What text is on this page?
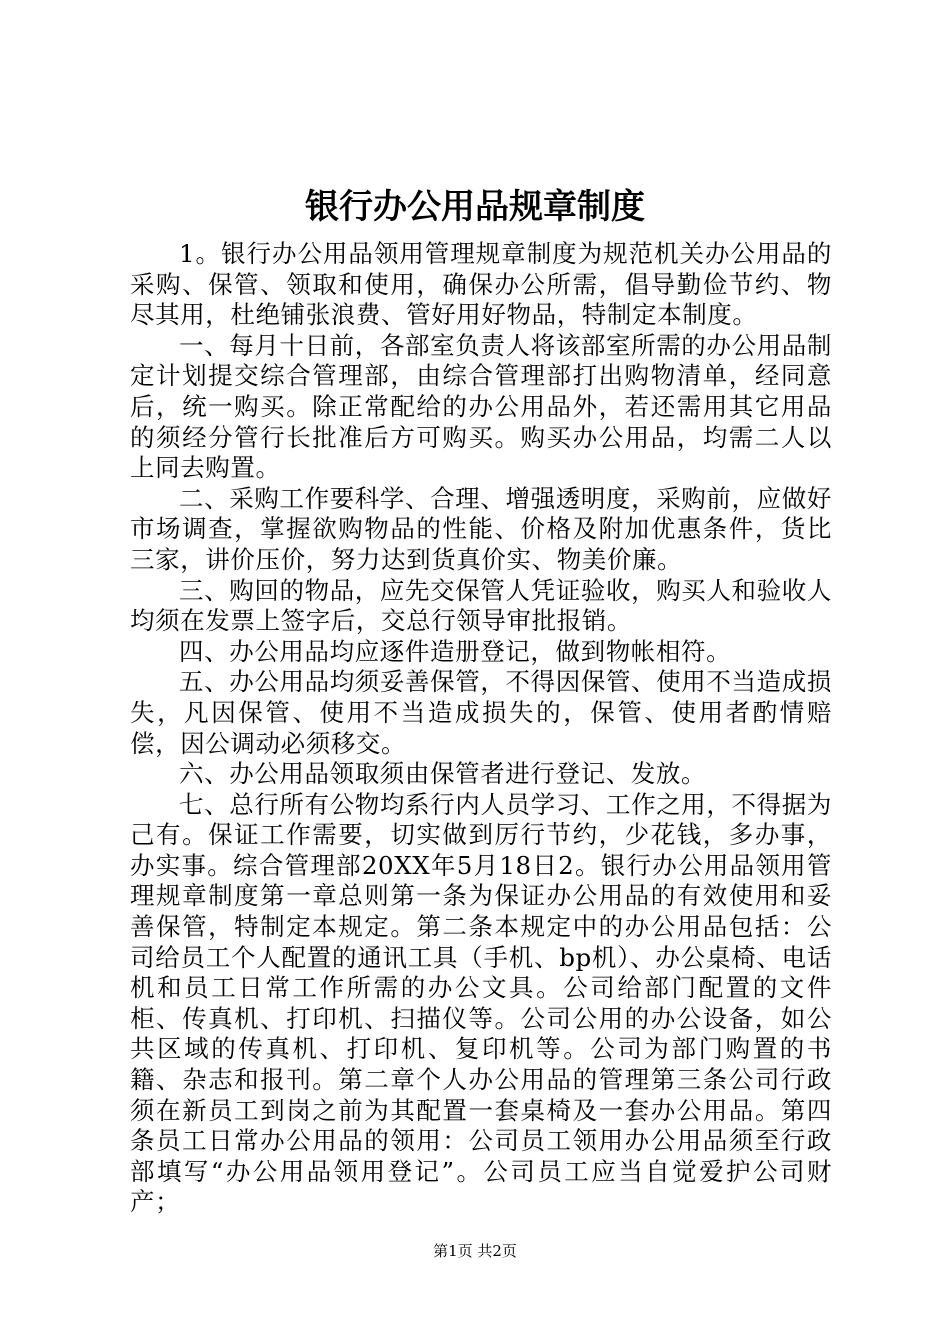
银行办公用品规章制度

1。银行办公用品领用管理规章制度为规范机关办公用品的采购、保管、领取和使用，确保办公所需，倡导勤俭节约、物尽其用，杜绝铺张浪费、管好用好物品，特制定本制度。

一、每月十日前，各部室负责人将该部室所需的办公用品制定计划提交综合管理部，由综合管理部打出购物清单，经同意后，统一购买。除正常配给的办公用品外，若还需用其它用品的须经分管行长批准后方可购买。购买办公用品，均需二人以上同去购置。

二、采购工作要科学、合理、增强透明度，采购前，应做好市场调查，掌握欲购物品的性能、价格及附加优惠条件，货比三家，讲价压价，努力达到货真价实、物美价廉。

三、购回的物品，应先交保管人凭证验收，购买人和验收人均须在发票上签字后，交总行领导审批报销。

四、办公用品均应逐件造册登记，做到物帐相符。

五、办公用品均须妥善保管，不得因保管、使用不当造成损失，凡因保管、使用不当造成损失的，保管、使用者酌情赔偿，因公调动必须移交。

六、办公用品领取须由保管者进行登记、发放。

七、总行所有公物均系行内人员学习、工作之用，不得据为己有。保证工作需要，切实做到厉行节约，少花钱，多办事，办实事。综合管理部20XX年5月18日2。银行办公用品领用管理规章制度第一章总则第一条为保证办公用品的有效使用和妥善保管，特制定本规定。第二条本规定中的办公用品包括：公司给员工个人配置的通讯工具（手机、bp机）、办公桌椅、电话机和员工日常工作所需的办公文具。公司给部门配置的文件柜、传真机、打印机、扫描仪等。公司公用的办公设备，如公共区域的传真机、打印机、复印机等。公司为部门购置的书籍、杂志和报刊。第二章个人办公用品的管理第三条公司行政须在新员工到岗之前为其配置一套桌椅及一套办公用品。第四条员工日常办公用品的领用：公司员工领用办公用品须至行政部填写“办公用品领用登记”。公司员工应当自觉爱护公司财产；

第1页 共2页
